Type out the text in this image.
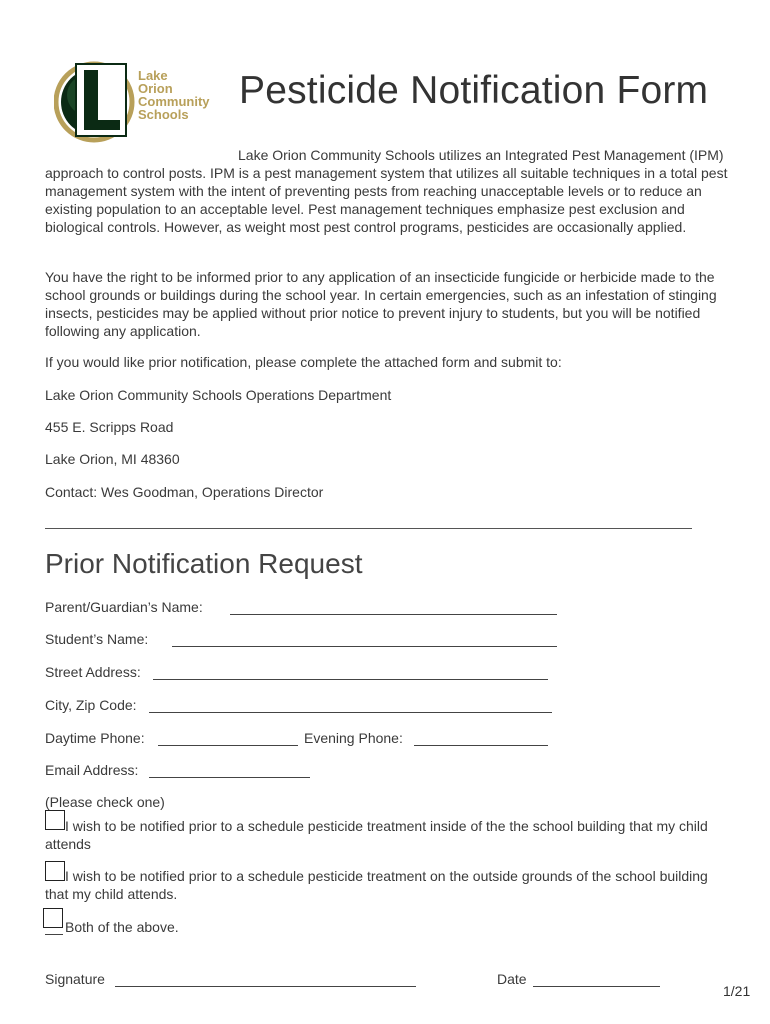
Lake
Orion
Community
Schools
Pesticide Notification Form
Lake Orion Community Schools utilizes an Integrated Pest Management (IPM) approach to control posts. IPM is a pest management system that utilizes all suitable techniques in a total pest management system with the intent of preventing pests from reaching unacceptable levels or to reduce an existing population to an acceptable level. Pest management techniques emphasize pest exclusion and biological controls. However, as weight most pest control programs, pesticides are occasionally applied.
You have the right to be informed prior to any application of an insecticide fungicide or herbicide made to the school grounds or buildings during the school year. In certain emergencies, such as an infestation of stinging insects, pesticides may be applied without prior notice to prevent injury to students, but you will be notified following any application.
If you would like prior notification, please complete the attached form and submit to:
Lake Orion Community Schools Operations Department
455 E. Scripps Road
Lake Orion, MI 48360
Contact: Wes Goodman, Operations Director
Prior Notification Request
Parent/Guardian’s Name:
Student’s Name:
Street Address:
City, Zip Code:
Daytime Phone:	Evening Phone:
Email Address:
(Please check one)
I wish to be notified prior to a schedule pesticide treatment inside of the the school building that my child attends
I wish to be notified prior to a schedule pesticide treatment on the outside grounds of the school building that my child attends.
Both of the above.
Signature	Date
1/21
